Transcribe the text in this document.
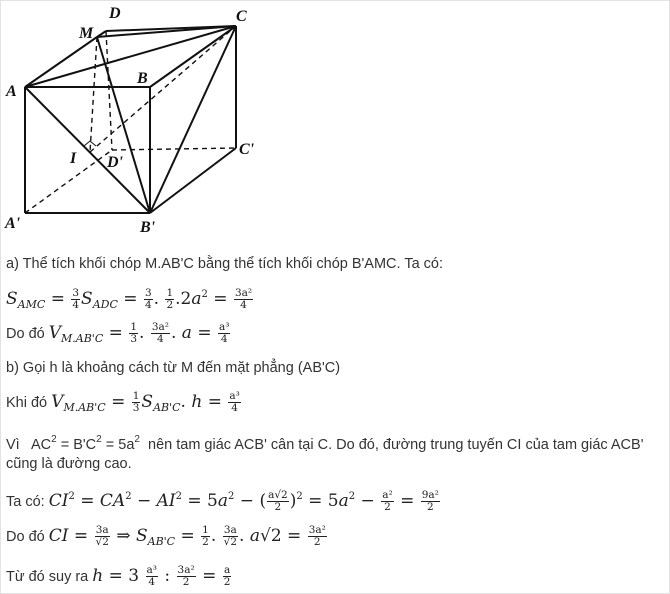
M
D	C
A
B
I D'
C'
A'	B'
a) Thể tích khối chóp M.AB'C bằng thể tích khối chóp B'AMC. Ta có:
$S_{AMC} = \frac{3}{4} S_{ADC} = \frac{3}{4}$ . $\frac{1}{2} .2a^2 = \frac{\text{3a²}}{4}$
Do đó $V_{M.AB'C} = \frac{1}{3}$ . $\frac{\text{3a²}}{4}$ . $a = \frac{\text{a³}}{4}$
b) Gọi h là khoảng cách từ M đến mặt phẳng (AB'C)
Khi đó $V_{M.AB'C} = \frac{1}{3} S_{AB'C}$. $h = \frac{\text{a³}}{4}$
Vì $AC^2 = B'C^2 = 5a^2$ nên tam giác ACB' cân tại C. Do đó, đường trung tuyến CI của tam giác ACB'
cũng là đường cao.
Ta có: $CI^2 = CA^2 - AI^2 = 5a^2$ − ( $\frac{a√2}{2} )^2 = 5a^2 - \frac{\text{a²}}{2} = \frac{\text{9a²}}{2}$
Do đó CI = $\frac{3a}{√2}$ ⇒ $S_{AB'C} = \frac{1}{2}$ . $\frac{3a}{√2}$ . $a√2 = \frac{\text{3a²}}{2}$
Từ đó suy ra $h = 3 \frac{\text{a³}}{4}$ : $\frac{\text{3a²}}{2} = \frac{a}{2}$
